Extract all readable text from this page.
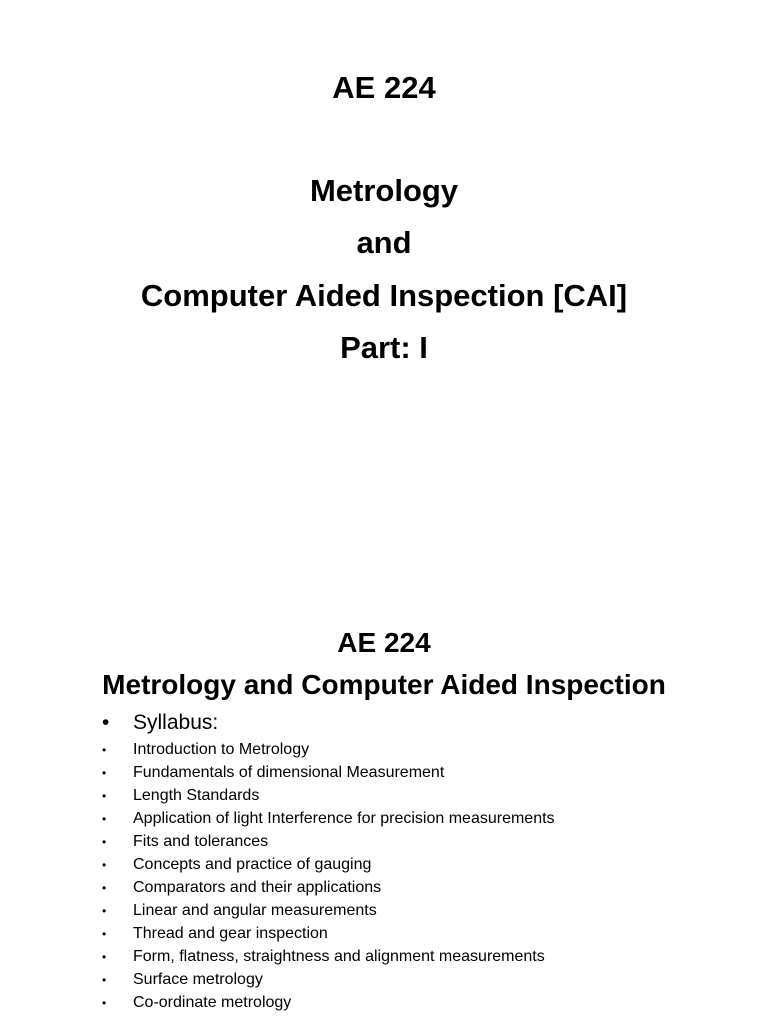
AE 224
Metrology
and
Computer Aided Inspection [CAI]
Part: I
AE 224
Metrology and Computer Aided Inspection
• Syllabus:
• Introduction to Metrology
• Fundamentals of dimensional Measurement
• Length Standards
• Application of light Interference for precision measurements
• Fits and tolerances
• Concepts and practice of gauging
• Comparators and their applications
• Linear and angular measurements
• Thread and gear inspection
• Form, flatness, straightness and alignment measurements
• Surface metrology
• Co-ordinate metrology
